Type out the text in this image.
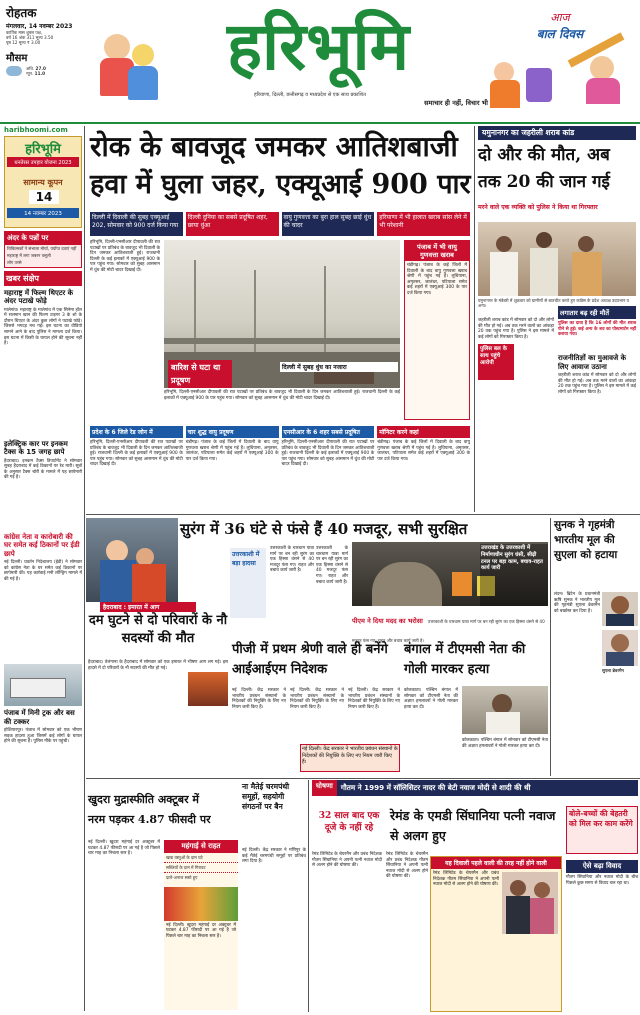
रोहतक
मंगलवार, 14 नवम्बर 2023
कार्तिक मास शुक्ल पक्ष,
वर्ष 16 अंक 311 मूल्य 3.50
पृष्ठ 12 मूल्य ₹ 3.00
मौसम
अधि. 27.0
न्यून. 11.0	हरिभूमि
हरियाणा, दिल्ली, छत्तीसगढ़ व मध्यप्रदेश से एक साथ प्रकाशित
समाचार ही नहीं, विचार भी
आज
बाल दिवस
haribhoomi.com
हरिभूमि
धनतेरस उपहार योजना 2023
सामान्य कूपन
14
14 नवम्बर 2023
अंदर के पन्नों पर
चिकित्सकों ने संभाला मोर्चा, पर्याप्त दवाएं नहीं
महाराष्ट्र में लगा जबरन वसूली
लोग तरसे
खबर संक्षेप
महाराष्ट्र में फिल्म थिएटर के अंदर पटाखे फोड़े
मालेगांव। महाराष्ट्र के मालेगांव में एक सिनेमा हॉल में सलमान खान की फिल्म टाइगर 3 के शो के दौरान थिएटर के अंदर कुछ लोगों ने पटाखे फोड़े। जिससे भगदड़ मच गई। इस घटना का वीडियो सामने आने के बाद पुलिस ने मामला दर्ज किया। इस घटना में किसी के घायल होने की सूचना नहीं है।
इलेक्ट्रिक कार पर इनकम टैक्स के 15 जगह छापे
हैदराबाद। इनकम टैक्स डिपार्टमेंट ने सोमवार सुबह हैदराबाद में कई ठिकानों पर रेड मारी। सूत्रों के अनुसार टैक्स चोरी के मामले में यह छापेमारी की गई है।
कांग्रेस नेता व कारोबारी की घर समेत कई ठिकानों पर ईडी छापे
नई दिल्ली। प्रवर्तन निदेशालय (ईडी) ने सोमवार को कांग्रेस नेता के घर समेत कई ठिकानों पर छापेमारी की। यह कार्रवाई मनी लॉन्ड्रिंग मामले में की गई है।
पंजाब में मिनी ट्रक और बस की टक्कर
होशियारपुर। पंजाब में सोमवार को एक भीषण सड़क हादसा हुआ जिसमें कई लोगों के घायल होने की सूचना है। पुलिस मौके पर पहुंची।
रोक के बावजूद जमकर आतिशबाजी
हवा में घुला जहर, एक्यूआई 900 पार
दिल्ली में दिवाली की सुबह एक्यूआई 202, सोमवार को 900 दर्ज किया गया
दिल्ली दुनिया का सबसे प्रदूषित शहर, छाया धुंआ
वायु गुणवत्ता का बुरा हाल सुबह छाई धुंध की चादर
हरियाणा में भी हालात खराब सांस लेने में भी परेशानी
हरिभूमि, दिल्ली-एनसीआर दीपावली की रात पटाखों पर प्रतिबंध के बावजूद भी दिवाली के दिन जमकर आतिशबाजी हुई। राजधानी दिल्ली के कई इलाकों में एक्यूआई 900 के पार पहुंच गया। सोमवार को सुबह आसमान में धुंध की मोटी चादर दिखाई दी।
बारिश से घटा था प्रदूषण
दिल्ली में सुबह धुंध का नजारा
हरिभूमि, दिल्ली-एनसीआर दीपावली की रात पटाखों पर प्रतिबंध के बावजूद भी दिवाली के दिन जमकर आतिशबाजी हुई। राजधानी दिल्ली के कई इलाकों में एक्यूआई 900 के पार पहुंच गया। सोमवार को सुबह आसमान में धुंध की मोटी चादर दिखाई दी।
पंजाब में भी वायु गुणवत्ता खराब
चंडीगढ़। पंजाब के कई जिलों में दिवाली के बाद वायु गुणवत्ता खराब श्रेणी में पहुंच गई है। लुधियाना, अमृतसर, जालंधर, पटियाला समेत कई शहरों में एक्यूआई 300 के पार दर्ज किया गया।
प्रदेश के 6 जिले रेड जोन में
हरिभूमि, दिल्ली-एनसीआर दीपावली की रात पटाखों पर प्रतिबंध के बावजूद भी दिवाली के दिन जमकर आतिशबाजी हुई। राजधानी दिल्ली के कई इलाकों में एक्यूआई 900 के पार पहुंच गया। सोमवार को सुबह आसमान में धुंध की मोटी चादर दिखाई दी।
चार शुद्ध वायु प्रदूषण
चंडीगढ़। पंजाब के कई जिलों में दिवाली के बाद वायु गुणवत्ता खराब श्रेणी में पहुंच गई है। लुधियाना, अमृतसर, जालंधर, पटियाला समेत कई शहरों में एक्यूआई 300 के पार दर्ज किया गया।
एनसीआर के 6 शहर सबसे प्रदूषित
हरिभूमि, दिल्ली-एनसीआर दीपावली की रात पटाखों पर प्रतिबंध के बावजूद भी दिवाली के दिन जमकर आतिशबाजी हुई। राजधानी दिल्ली के कई इलाकों में एक्यूआई 900 के पार पहुंच गया। सोमवार को सुबह आसमान में धुंध की मोटी चादर दिखाई दी।
मॉनिटर करने कहां
चंडीगढ़। पंजाब के कई जिलों में दिवाली के बाद वायु गुणवत्ता खराब श्रेणी में पहुंच गई है। लुधियाना, अमृतसर, जालंधर, पटियाला समेत कई शहरों में एक्यूआई 300 के पार दर्ज किया गया।
यमुनानगर का जहरीली शराब कांड
दो और की मौत, अब तक 20 की जान गई
मरने वाले एक व्यक्ति को पुलिस ने किया था गिरफ्तार
यमुनानगर के मंडेबरी में शुक्रवार को ग्रामीणों से बातचीत करते हुए कांग्रेस के प्रदेश अध्यक्ष उदयभान व अन्य।
जहरीली शराब कांड में सोमवार को दो और लोगों की मौत हो गई। अब तक मरने वालों का आंकड़ा 20 तक पहुंच गया है। पुलिस ने इस मामले में कई लोगों को गिरफ्तार किया है।
लगातार बढ़ रही मौतें
पुलिस का दावा है कि 16 लोगों की मौत शराब पीने से हुई। कई अन्य के शव का पोस्टमार्टम नहीं कराया गया।
राजनीतिज्ञों का मुआवजे के लिए आवाज उठाना
जहरीली शराब कांड में सोमवार को दो और लोगों की मौत हो गई। अब तक मरने वालों का आंकड़ा 20 तक पहुंच गया है। पुलिस ने इस मामले में कई लोगों को गिरफ्तार किया है।
पुलिस बल के साथ पहुंचे आरोपी
सुरंग में 36 घंटे से फंसे हैं 40 मजदूर, सभी सुरक्षित
उत्तरकाशी में बड़ा हादसा
उत्तरकाशी के चारधाम यात्रा मार्ग पर बन रही सुरंग का एक हिस्सा धंसने से 40 मजदूर फंस गए। राहत और बचाव कार्य जारी है।
उत्तरकाशी के चारधाम यात्रा मार्ग पर बन रही सुरंग का एक हिस्सा धंसने से 40 मजदूर फंस गए। राहत और बचाव कार्य जारी है।
उत्तराखंड के उत्तरकाशी में निर्माणाधीन सुरंग धंसी, सीढ़ी टनल पर बड़ा काम, बचाव-राहत कार्य जारी
पीएम ने दिया मदद का भरोसा उत्तरकाशी के चारधाम यात्रा मार्ग पर बन रही सुरंग का एक हिस्सा धंसने से 40 मजदूर फंस गए। राहत और बचाव कार्य जारी है।
हैदराबाद : इमारत में आग
दम घुटने से दो परिवारों के नौ सदस्यों की मौत
हैदराबाद। तेलंगाना के हैदराबाद में सोमवार को एक इमारत में भीषण आग लग गई। इस हादसे में दो परिवारों के नौ सदस्यों की मौत हो गई।
पीजी में प्रथम श्रेणी वाले ही बनेंगे आईआईएम निदेशक
नई दिल्ली। केंद्र सरकार ने भारतीय प्रबंधन संस्थानों के निदेशकों की नियुक्ति के लिए नए नियम जारी किए हैं।
नई दिल्ली। केंद्र सरकार ने भारतीय प्रबंधन संस्थानों के निदेशकों की नियुक्ति के लिए नए नियम जारी किए हैं।
नई दिल्ली। केंद्र सरकार ने भारतीय प्रबंधन संस्थानों के निदेशकों की नियुक्ति के लिए नए नियम जारी किए हैं।
नई दिल्ली। केंद्र सरकार ने भारतीय प्रबंधन संस्थानों के निदेशकों की नियुक्ति के लिए नए नियम जारी किए हैं।
बंगाल में टीएमसी नेता की गोली मारकर हत्या
कोलकाता। पश्चिम बंगाल में सोमवार को टीएमसी नेता की अज्ञात हमलावरों ने गोली मारकर हत्या कर दी।
कोलकाता। पश्चिम बंगाल में सोमवार को टीएमसी नेता की अज्ञात हमलावरों ने गोली मारकर हत्या कर दी।
सुनक ने गृहमंत्री भारतीय मूल की सुएला को हटाया
लंदन। ब्रिटेन के प्रधानमंत्री ऋषि सुनक ने भारतीय मूल की गृहमंत्री सुएला ब्रेवरमैन को बर्खास्त कर दिया है।
सुएला ब्रेवरमैन
खुदरा मुद्रास्फीति अक्टूबर में
नरम पड़कर 4.87 फीसदी पर
नई दिल्ली। खुदरा महंगाई दर अक्टूबर में घटकर 4.87 फीसदी पर आ गई है जो पिछले चार माह का निचला स्तर है।
महंगाई से राहत
खाद्य वस्तुओं के दाम घटे
सब्जियों के दाम में गिरावट
दालें-अनाज सस्ते हुए
नई दिल्ली। खुदरा महंगाई दर अक्टूबर में घटकर 4.87 फीसदी पर आ गई है जो पिछले चार माह का निचला स्तर है।
ना मैतेई चरमपंथी समूहों, सहयोगी संगठनों पर बैन
नई दिल्ली। केंद्र सरकार ने मणिपुर के कई मैतेई चरमपंथी समूहों पर प्रतिबंध लगा दिया है।
घोषणा	गौतम ने 1999 में सॉलिसिटर नादर की बेटी नवाज मोदी से शादी की थी
32 साल बाद एक दूजे के नहीं रहे
रेमंड के एमडी सिंघानिया पत्नी नवाज से अलग हुए
बोले-बच्चों की बेहतरी को मिल कर काम करेंगे
रेमंड लिमिटेड के चेयरमैन और प्रबंध निदेशक गौतम सिंघानिया ने अपनी पत्नी नवाज मोदी से अलग होने की घोषणा की।
रेमंड लिमिटेड के चेयरमैन और प्रबंध निदेशक गौतम सिंघानिया ने अपनी पत्नी नवाज मोदी से अलग होने की घोषणा की।
यह दिवाली पहले वाली की तरह नहीं होने वाली
रेमंड लिमिटेड के चेयरमैन और प्रबंध निदेशक गौतम सिंघानिया ने अपनी पत्नी नवाज मोदी से अलग होने की घोषणा की।
ऐसे बढ़ा विवाद
गौतम सिंघानिया और नवाज मोदी के बीच पिछले कुछ समय से विवाद चल रहा था।
